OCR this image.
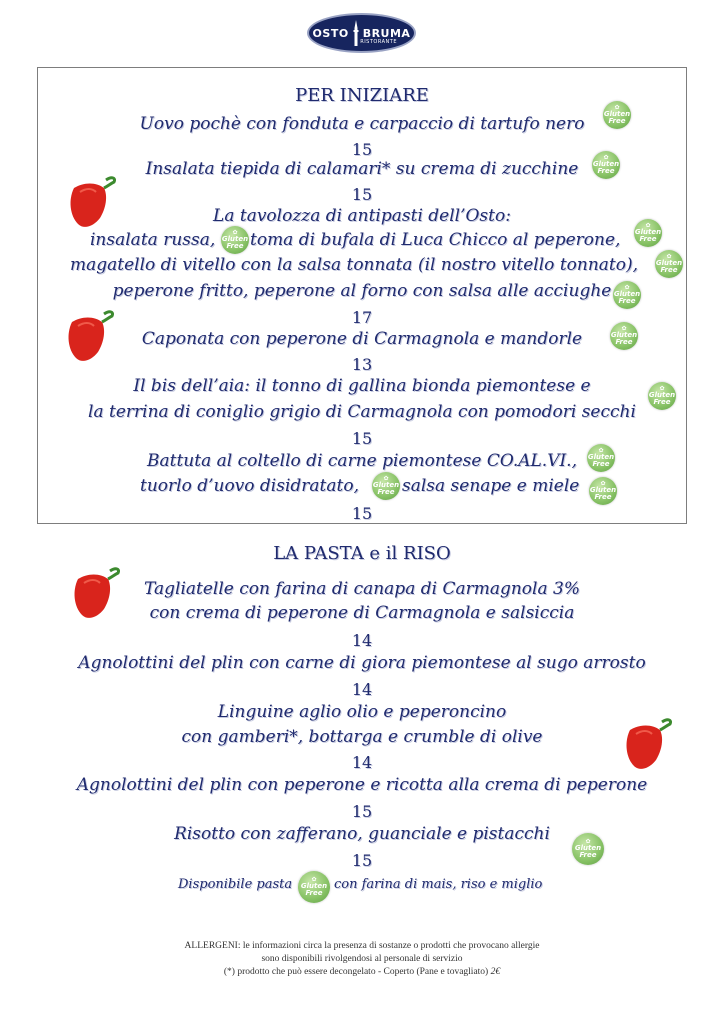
OSTO BRUMA
RISTORANTE
PER INIZIARE
Uovo pochè con fonduta e carpaccio di tartufo nero
15
Insalata tiepida di calamari* su crema di zucchine
15
La tavolozza di antipasti dell’Osto:
insalata russa, toma di bufala di Luca Chicco al peperone,
magatello di vitello con la salsa tonnata (il nostro vitello tonnato),
peperone fritto, peperone al forno con salsa alle acciughe
17
Caponata con peperone di Carmagnola e mandorle
13
Il bis dell’aia: il tonno di gallina bionda piemontese e
la terrina di coniglio grigio di Carmagnola con pomodori secchi
15
Battuta al coltello di carne piemontese CO.AL.VI.,
tuorlo d’uovo disidratato,	salsa senape e miele
15
LA PASTA e il RISO
Tagliatelle con farina di canapa di Carmagnola 3%
con crema di peperone di Carmagnola e salsiccia
14
Agnolottini del plin con carne di giora piemontese al sugo arrosto
14
Linguine aglio olio e peperoncino
con gamberi*, bottarga e crumble di olive
14
Agnolottini del plin con peperone e ricotta alla crema di peperone
15
Risotto con zafferano, guanciale e pistacchi
15
Disponibile pasta	con farina di mais, riso e miglio
✿
Gluten
Free
✿
Gluten
Free
✿
Gluten
Free
✿
Gluten
Free
✿
Gluten
Free
✿
Gluten
Free
✿
Gluten
Free
✿
Gluten
Free
✿
Gluten
Free
✿
Gluten
Free
✿
Gluten
Free
✿
Gluten
Free
✿
Gluten
Free
ALLERGENI: le informazioni circa la presenza di sostanze o prodotti che provocano allergie
sono disponibili rivolgendosi al personale di servizio
(*) prodotto che può essere decongelato - Coperto (Pane e tovagliato) 2€
